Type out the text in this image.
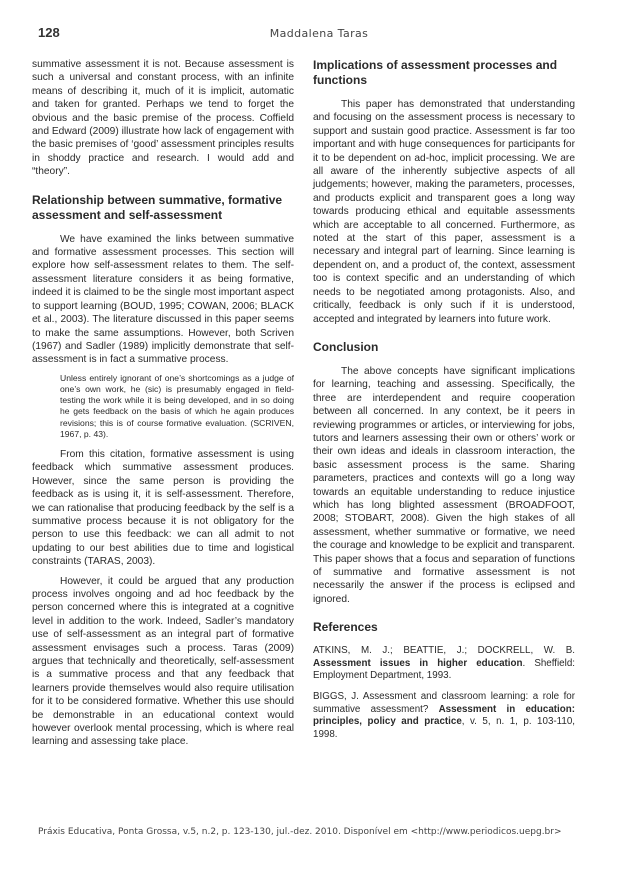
128	Maddalena Taras

summative assessment it is not. Because assessment is such a universal and constant process, with an infinite means of describing it, much of it is implicit, automatic and taken for granted. Perhaps we tend to forget the obvious and the basic premise of the process. Coffield and Edward (2009) illustrate how lack of engagement with the basic premises of ‘good’ assessment principles results in shoddy practice and research. I would add and “theory”.

Relationship between summative, formative assessment and self-assessment

We have examined the links between summative and formative assessment processes. This section will explore how self-assessment relates to them. The self-assessment literature considers it as being formative, indeed it is claimed to be the single most important aspect to support learning (BOUD, 1995; COWAN, 2006; BLACK et al., 2003). The literature discussed in this paper seems to make the same assumptions. However, both Scriven (1967) and Sadler (1989) implicitly demonstrate that self-assessment is in fact a summative process.

Unless entirely ignorant of one’s shortcomings as a judge of one’s own work, he (sic) is presumably engaged in field-testing the work while it is being developed, and in so doing he gets feedback on the basis of which he again produces revisions; this is of course formative evaluation. (SCRIVEN, 1967, p. 43).

From this citation, formative assessment is using feedback which summative assessment produces. However, since the same person is providing the feedback as is using it, it is self-assessment. Therefore, we can rationalise that producing feedback by the self is a summative process because it is not obligatory for the person to use this feedback: we can all admit to not updating to our best abilities due to time and logistical constraints (TARAS, 2003).

However, it could be argued that any production process involves ongoing and ad hoc feedback by the person concerned where this is integrated at a cognitive level in addition to the work. Indeed, Sadler’s mandatory use of self-assessment as an integral part of formative assessment envisages such a process. Taras (2009) argues that technically and theoretically, self-assessment is a summative process and that any feedback that learners provide themselves would also require utilisation for it to be considered formative. Whether this use should be demonstrable in an educational context would however overlook mental processing, which is where real learning and assessing take place.

Implications of assessment processes and functions

This paper has demonstrated that understanding and focusing on the assessment process is necessary to support and sustain good practice. Assessment is far too important and with huge consequences for participants for it to be dependent on ad-hoc, implicit processing. We are all aware of the inherently subjective aspects of all judgements; however, making the parameters, processes, and products explicit and transparent goes a long way towards producing ethical and equitable assessments which are acceptable to all concerned. Furthermore, as noted at the start of this paper, assessment is a necessary and integral part of learning. Since learning is dependent on, and a product of, the context, assessment too is context specific and an understanding of which needs to be negotiated among protagonists. Also, and critically, feedback is only such if it is understood, accepted and integrated by learners into future work.

Conclusion

The above concepts have significant implications for learning, teaching and assessing. Specifically, the three are interdependent and require cooperation between all concerned. In any context, be it peers in reviewing programmes or articles, or interviewing for jobs, tutors and learners assessing their own or others’ work or their own ideas and ideals in classroom interaction, the basic assessment process is the same. Sharing parameters, practices and contexts will go a long way towards an equitable understanding to reduce injustice which has long blighted assessment (BROADFOOT, 2008; STOBART, 2008). Given the high stakes of all assessment, whether summative or formative, we need the courage and knowledge to be explicit and transparent. This paper shows that a focus and separation of functions of summative and formative assessment is not necessarily the answer if the process is eclipsed and ignored.

References
ATKINS, M. J.; BEATTIE, J.; DOCKRELL, W. B. Assessment issues in higher education. Sheffield: Employment Department, 1993.
BIGGS, J. Assessment and classroom learning: a role for summative assessment? Assessment in education: principles, policy and practice, v. 5, n. 1, p. 103-110, 1998.
Práxis Educativa, Ponta Grossa, v.5, n.2, p. 123-130, jul.-dez. 2010. Disponível em <http://www.periodicos.uepg.br>
